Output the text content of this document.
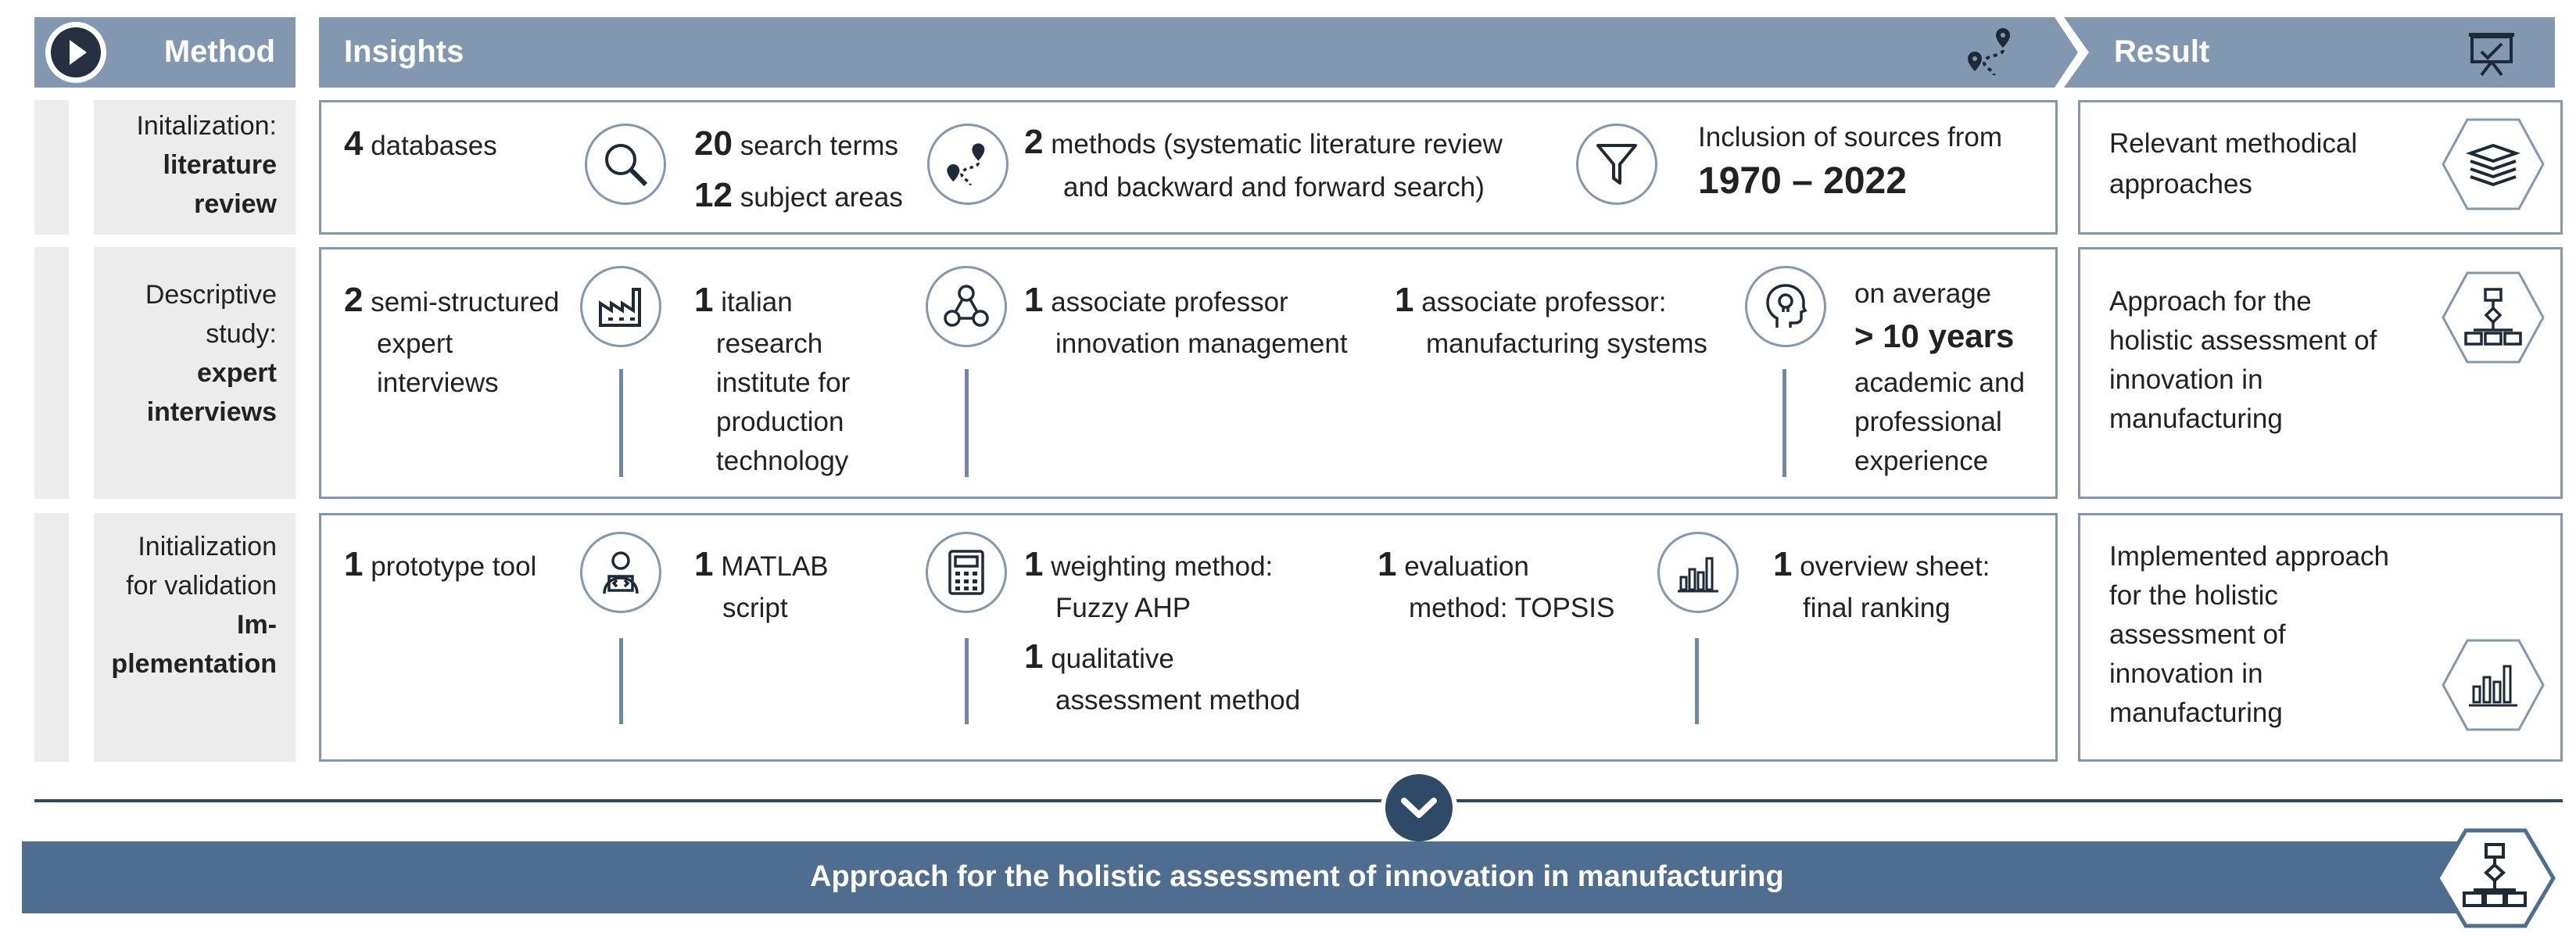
Method Insights	Result
Initalization:
literature
review
4 databases	20 search terms
12 subject areas
2 methods (systematic literature review
and backward and forward search)
Inclusion of sources from
1970 – 2022
Relevant methodical
approaches
Descriptive
study:
expert
interviews
2 semi-structured
expert
interviews
1 italian
research
institute for
production
technology
1 associate professor
innovation management
1 associate professor:
manufacturing systems
on average
> 10 years
academic and
professional
experience
Approach for the
holistic assessment of
innovation in
manufacturing
Initialization
for validation
Im-
plementation
1 prototype tool	1 MATLAB
script
1 weighting method:
Fuzzy AHP
1 qualitative
assessment method
1 evaluation
method: TOPSIS
1 overview sheet:
final ranking
Implemented approach
for the holistic
assessment of
innovation in
manufacturing
Approach for the holistic assessment of innovation in manufacturing
